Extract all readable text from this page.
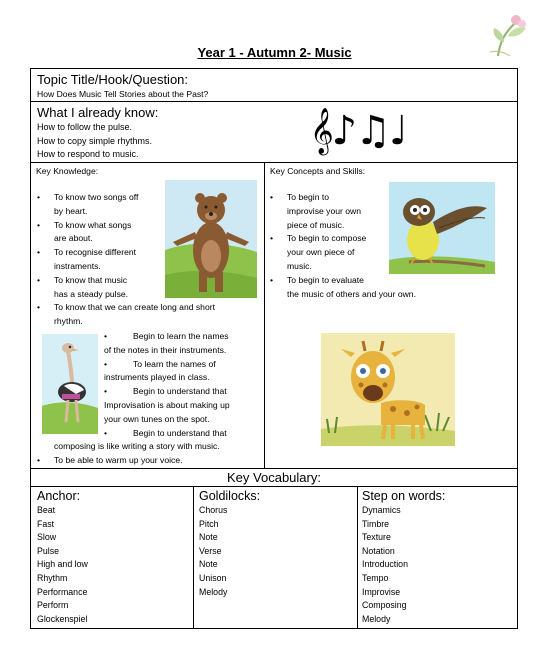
Year 1 - Autumn 2- Music
Topic Title/Hook/Question:
How Does Music Tell Stories about the Past?
What I already know:
How to follow the pulse.
How to copy simple rhythms.
How to respond to music.
𝄞♪♫♩
Key Knowledge:
• To know two songs off
by heart.
• To know what songs
are about.
• To recognise different
instraments.
• To know that music
has a steady pulse.
• To know that we can create long and short
rhythm.
•	Begin to learn the names
of the notes in their instruments.
•	To learn the names of
instruments played in class.
•	Begin to understand that
Improvisation is about making up
your own tunes on the spot.
•	Begin to understand that
composing is like writing a story with music.
• To be able to warm up your voice.
Key Concepts and Skills:
• To begin to
improvise your own
piece of music.
• To begin to compose
your own piece of
music.
• To begin to evaluate
the music of others and your own.
Key Vocabulary:
Anchor:
Beat
Fast
Slow
Pulse
High and low
Rhythm
Performance
Perform
Glockenspiel
Goldilocks:
Chorus
Pitch
Note
Verse
Note
Unison
Melody
Step on words:
Dynamics
Timbre
Texture
Notation
Introduction
Tempo
Improvise
Composing
Melody
